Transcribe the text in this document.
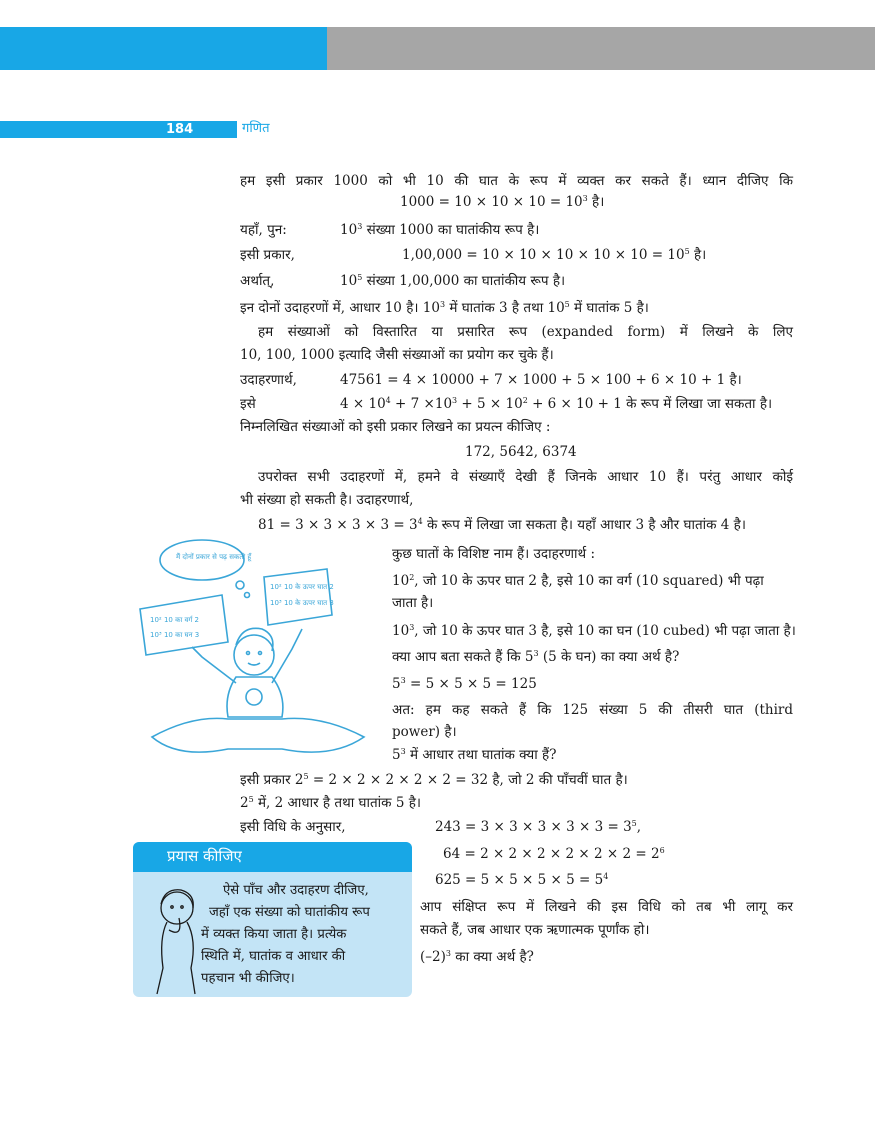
184	गणित
हम इसी प्रकार 1000 को भी 10 की घात के रूप में व्यक्त कर सकते हैं। ध्यान दीजिए कि
$1000 = 10 \times 10 \times 10 = 10^3$ है।
यहाँ, पुन:	$10^3$ संख्या 1000 का घातांकीय रूप है।
इसी प्रकार,	$1,00,000 = 10 \times 10 \times 10 \times 10 \times 10 = 10^5$ है।
अर्थात्,	$10^5$ संख्या 1,00,000 का घातांकीय रूप है।
इन दोनों उदाहरणों में, आधार 10 है। $10^3$ में घातांक 3 है तथा $10^5$ में घातांक 5 है।
हम संख्याओं को विस्तारित या प्रसारित रूप (expanded form) में लिखने के लिए
10, 100, 1000 इत्यादि जैसी संख्याओं का प्रयोग कर चुके हैं।
उदाहरणार्थ,	47561 = 4 × 10000 + 7 × 1000 + 5 × 100 + 6 × 10 + 1 है।
इसे	$4 \times 10^4 + 7 \times 10^3 + 5 \times 10^2 + 6 \times 10 + 1$ के रूप में लिखा जा सकता है।
निम्नलिखित संख्याओं को इसी प्रकार लिखने का प्रयत्न कीजिए :
172, 5642, 6374
उपरोक्त सभी उदाहरणों में, हमने वे संख्याएँ देखी हैं जिनके आधार 10 हैं। परंतु आधार कोई
भी संख्या हो सकती है। उदाहरणार्थ,
$81 = 3 \times 3 \times 3 \times 3 = 3^4$ के रूप में लिखा जा सकता है। यहाँ आधार 3 है और घातांक 4 है।
मैं दोनों प्रकार से पढ़ सकती हूँ
10² 10 का वर्ग 2
10³ 10 का घन 3
10² 10 के ऊपर घात 2
10³ 10 के ऊपर घात 3
कुछ घातों के विशिष्ट नाम हैं। उदाहरणार्थ :
$10^2$, जो 10 के ऊपर घात 2 है, इसे 10 का वर्ग (10 squared) भी पढ़ा
जाता है।
$10^3$, जो 10 के ऊपर घात 3 है, इसे 10 का घन (10 cubed) भी पढ़ा जाता है।
क्या आप बता सकते हैं कि $5^3$ (5 के घन) का क्या अर्थ है?
$5^3 = 5 \times 5 \times 5 = 125$
अत: हम कह सकते हैं कि 125 संख्या 5 की तीसरी घात (third
power) है।
$5^3$ में आधार तथा घातांक क्या हैं?
इसी प्रकार $2^5 = 2 \times 2 \times 2 \times 2 \times 2 = 32$ है, जो 2 की पाँचवीं घात है।
$2^5$ में, 2 आधार है तथा घातांक 5 है।
इसी विधि के अनुसार,	$243 = 3 \times 3 \times 3 \times 3 \times 3 = 3^5$,
$64 = 2 \times 2 \times 2 \times 2 \times 2 \times 2 = 2^6$
$625 = 5 \times 5 \times 5 \times 5 = 5^4$
आप संक्षिप्त रूप में लिखने की इस विधि को तब भी लागू कर
सकते हैं, जब आधार एक ऋणात्मक पूर्णांक हो।
$(-2)^3$ का क्या अर्थ है?
प्रयास कीजिए
ऐसे पाँच और उदाहरण दीजिए,
जहाँ एक संख्या को घातांकीय रूप
में व्यक्त किया जाता है। प्रत्येक
स्थिति में, घातांक व आधार की
पहचान भी कीजिए।
